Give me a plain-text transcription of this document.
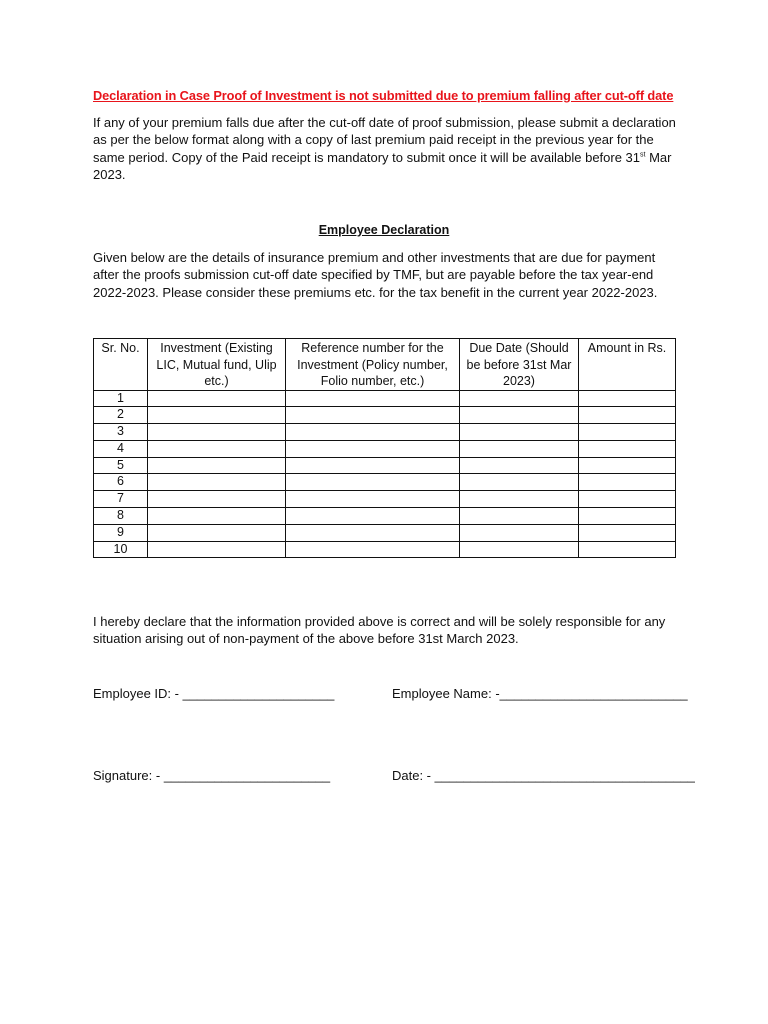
Declaration in Case Proof of Investment is not submitted due to premium falling after cut-off date
If any of your premium falls due after the cut-off date of proof submission, please submit a declaration as per the below format along with a copy of last premium paid receipt in the previous year for the same period. Copy of the Paid receipt is mandatory to submit once it will be available before 31st Mar 2023.
Employee Declaration
Given below are the details of insurance premium and other investments that are due for payment after the proofs submission cut-off date specified by TMF, but are payable before the tax year-end 2022-2023. Please consider these premiums etc. for the tax benefit in the current year 2022-2023.
Sr. No.	Investment (Existing LIC, Mutual fund, Ulip etc.)	Reference number for the Investment (Policy number, Folio number, etc.)	Due Date (Should be before 31st Mar 2023)	Amount in Rs.
1				
2				
3				
4				
5				
6				
7				
8				
9				
10				
I hereby declare that the information provided above is correct and will be solely responsible for any situation arising out of non-payment of the above before 31st March 2023.
Employee ID: - _____________________	Employee Name: -__________________________
Signature: - _______________________	Date: - ____________________________________
